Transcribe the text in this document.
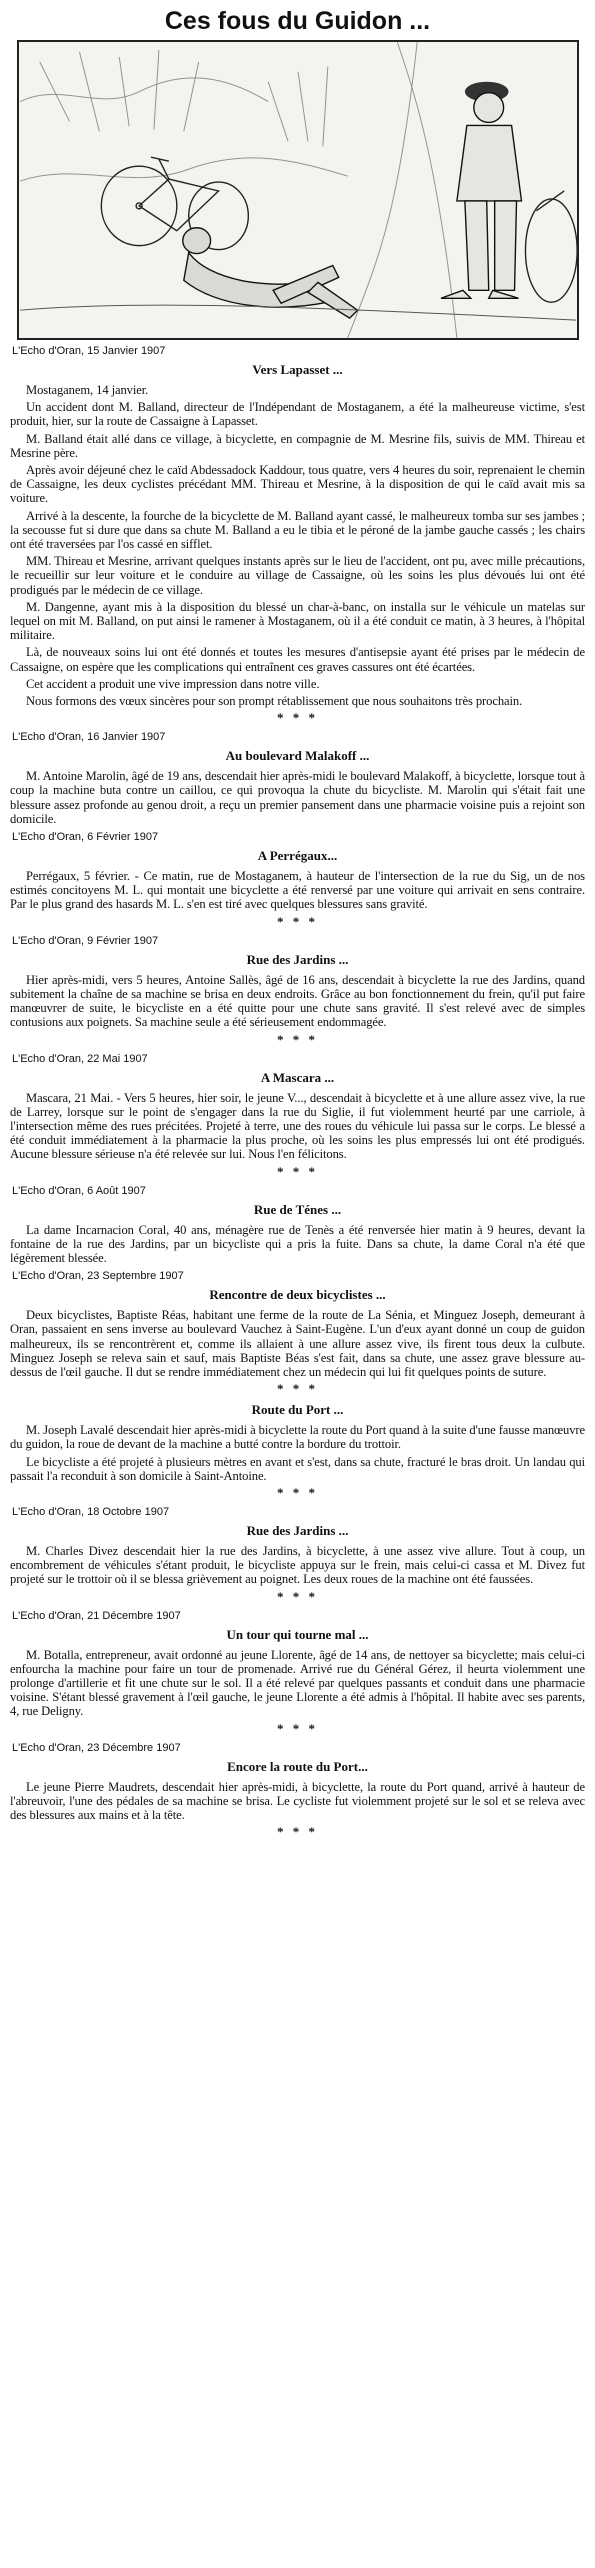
Ces fous du Guidon ...
L'Echo d'Oran, 15 Janvier 1907
Vers Lapasset ...

Mostaganem, 14 janvier.

Un accident dont M. Balland, directeur de l'Indépendant de Mostaganem, a été la malheureuse victime, s'est produit, hier, sur la route de Cassaigne à Lapasset.

M. Balland était allé dans ce village, à bicyclette, en compagnie de M. Mesrine fils, suivis de MM. Thireau et Mesrine père.

Après avoir déjeuné chez le caïd Abdessadock Kaddour, tous quatre, vers 4 heures du soir, reprenaient le chemin de Cassaigne, les deux cyclistes précédant MM. Thireau et Mesrine, à la disposition de qui le caïd avait mis sa voiture.

Arrivé à la descente, la fourche de la bicyclette de M. Balland ayant cassé, le malheureux tomba sur ses jambes ; la secousse fut si dure que dans sa chute M. Balland a eu le tibia et le péroné de la jambe gauche cassés ; les chairs ont été traversées par l'os cassé en sifflet.

MM. Thireau et Mesrine, arrivant quelques instants après sur le lieu de l'accident, ont pu, avec mille précautions, le recueillir sur leur voiture et le conduire au village de Cassaigne, où les soins les plus dévoués lui ont été prodigués par le médecin de ce village.

M. Dangenne, ayant mis à la disposition du blessé un char-à-banc, on installa sur le véhicule un matelas sur lequel on mit M. Balland, on put ainsi le ramener à Mostaganem, où il a été conduit ce matin, à 3 heures, à l'hôpital militaire.

Là, de nouveaux soins lui ont été donnés et toutes les mesures d'antisepsie ayant été prises par le médecin de Cassaigne, on espère que les complications qui entraînent ces graves cassures ont été écartées.

Cet accident a produit une vive impression dans notre ville.

Nous formons des vœux sincères pour son prompt rétablissement que nous souhaitons très prochain.

* * *
L'Echo d'Oran, 16 Janvier 1907
Au boulevard Malakoff ...

M. Antoine Marolin, âgé de 19 ans, descendait hier après-midi le boulevard Malakoff, à bicyclette, lorsque tout à coup la machine buta contre un caillou, ce qui provoqua la chute du bicycliste. M. Marolin qui s'était fait une blessure assez profonde au genou droit, a reçu un premier pansement dans une pharmacie voisine puis a rejoint son domicile.

L'Echo d'Oran, 6 Février 1907
A Perrégaux...

Perrégaux, 5 février. - Ce matin, rue de Mostaganem, à hauteur de l'intersection de la rue du Sig, un de nos estimés concitoyens M. L. qui montait une bicyclette a été renversé par une voiture qui arrivait en sens contraire. Par le plus grand des hasards M. L. s'en est tiré avec quelques blessures sans gravité.

* * *
L'Echo d'Oran, 9 Février 1907
Rue des Jardins ...

Hier après-midi, vers 5 heures, Antoine Sallès, âgé de 16 ans, descendait à bicyclette la rue des Jardins, quand subitement la chaîne de sa machine se brisa en deux endroits. Grâce au bon fonctionnement du frein, qu'il put faire manœuvrer de suite, le bicycliste en a été quitte pour une chute sans gravité. Il s'est relevé avec de simples contusions aux poignets. Sa machine seule a été sérieusement endommagée.

* * *
L'Echo d'Oran, 22 Mai 1907
A Mascara ...

Mascara, 21 Mai. - Vers 5 heures, hier soir, le jeune V..., descendait à bicyclette et à une allure assez vive, la rue de Larrey, lorsque sur le point de s'engager dans la rue du Siglie, il fut violemment heurté par une carriole, à l'intersection même des rues précitées. Projeté à terre, une des roues du véhicule lui passa sur le corps. Le blessé a été conduit immédiatement à la pharmacie la plus proche, où les soins les plus empressés lui ont été prodigués. Aucune blessure sérieuse n'a été relevée sur lui. Nous l'en félicitons.

* * *
L'Echo d'Oran, 6 Août 1907
Rue de Ténes ...

La dame Incarnacion Coral, 40 ans, ménagère rue de Tenès a été renversée hier matin à 9 heures, devant la fontaine de la rue des Jardins, par un bicycliste qui a pris la fuite. Dans sa chute, la dame Coral n'a été que légèrement blessée.

L'Echo d'Oran, 23 Septembre 1907
Rencontre de deux bicyclistes ...

Deux bicyclistes, Baptiste Réas, habitant une ferme de la route de La Sénia, et Minguez Joseph, demeurant à Oran, passaient en sens inverse au boulevard Vauchez à Saint-Eugène. L'un d'eux ayant donné un coup de guidon malheureux, ils se rencontrèrent et, comme ils allaient à une allure assez vive, ils firent tous deux la culbute. Minguez Joseph se releva sain et sauf, mais Baptiste Béas s'est fait, dans sa chute, une assez grave blessure au-dessus de l'œil gauche. Il dut se rendre immédiatement chez un médecin qui lui fit quelques points de suture.

* * *
Route du Port ...

M. Joseph Lavalé descendait hier après-midi à bicyclette la route du Port quand à la suite d'une fausse manœuvre du guidon, la roue de devant de la machine a butté contre la bordure du trottoir.

Le bicycliste a été projeté à plusieurs mètres en avant et s'est, dans sa chute, fracturé le bras droit. Un landau qui passait l'a reconduit à son domicile à Saint-Antoine.

* * *
L'Echo d'Oran, 18 Octobre 1907
Rue des Jardins ...

M. Charles Divez descendait hier la rue des Jardins, à bicyclette, à une assez vive allure. Tout à coup, un encombrement de véhicules s'étant produit, le bicycliste appuya sur le frein, mais celui-ci cassa et M. Divez fut projeté sur le trottoir où il se blessa grièvement au poignet. Les deux roues de la machine ont été faussées.

* * *
L'Echo d'Oran, 21 Décembre 1907
Un tour qui tourne mal ...

M. Botalla, entrepreneur, avait ordonné au jeune Llorente, âgé de 14 ans, de nettoyer sa bicyclette; mais celui-ci enfourcha la machine pour faire un tour de promenade. Arrivé rue du Général Gérez, il heurta violemment une prolonge d'artillerie et fit une chute sur le sol. Il a été relevé par quelques passants et conduit dans une pharmacie voisine. S'étant blessé gravement à l'œil gauche, le jeune Llorente a été admis à l'hôpital. Il habite avec ses parents, 4, rue Deligny.

* * *
L'Echo d'Oran, 23 Décembre 1907
Encore la route du Port...

Le jeune Pierre Maudrets, descendait hier après-midi, à bicyclette, la route du Port quand, arrivé à hauteur de l'abreuvoir, l'une des pédales de sa machine se brisa. Le cycliste fut violemment projeté sur le sol et se releva avec des blessures aux mains et à la tête.

* * *
